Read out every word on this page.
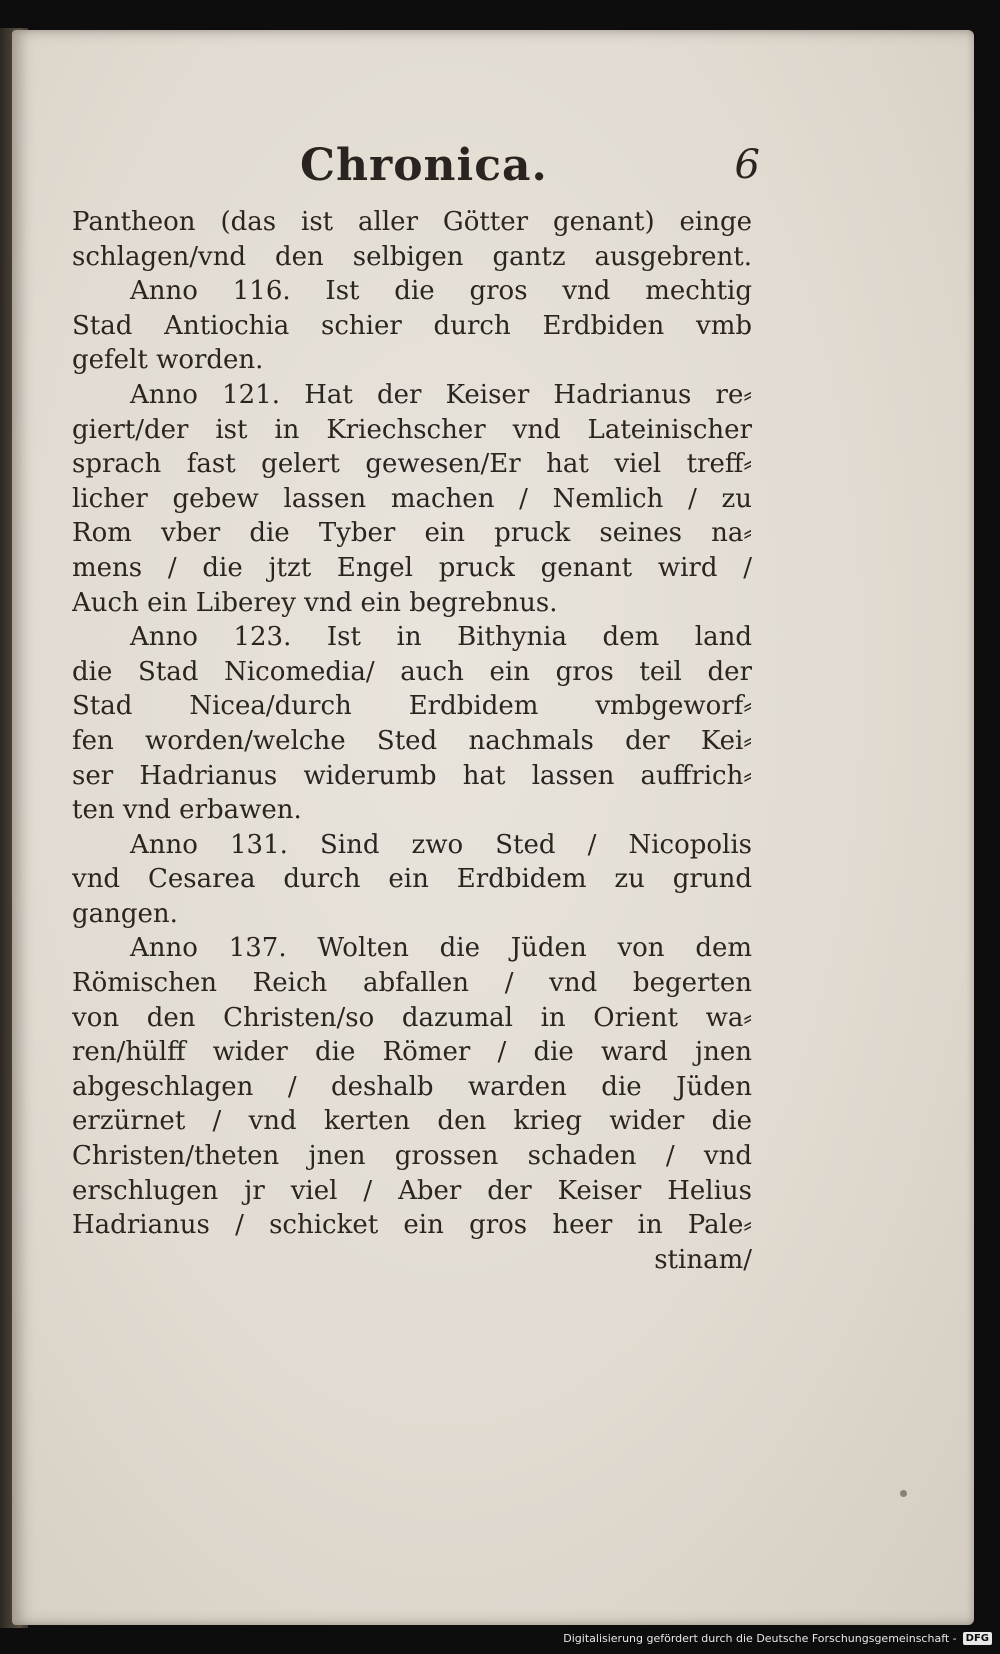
Chronica.	6
Pantheon (das ist aller Götter genant) einge
schlagen/vnd den selbigen gantz ausgebrent.
Anno 116. Ist die gros vnd mechtig
Stad Antiochia schier durch Erdbiden vmb
gefelt worden.
Anno 121. Hat der Keiser Hadrianus re⸗
giert/der ist in Kriechscher vnd Lateinischer
sprach fast gelert gewesen/Er hat viel treff⸗
licher gebew lassen machen / Nemlich / zu
Rom vber die Tyber ein pruck seines na⸗
mens / die jtzt Engel pruck genant wird /
Auch ein Liberey vnd ein begrebnus.
Anno 123. Ist in Bithynia dem land
die Stad Nicomedia/ auch ein gros teil der
Stad Nicea/durch Erdbidem vmbgeworf⸗
fen worden/welche Sted nachmals der Kei⸗
ser Hadrianus widerumb hat lassen auffrich⸗
ten vnd erbawen.
Anno 131. Sind zwo Sted / Nicopolis
vnd Cesarea durch ein Erdbidem zu grund
gangen.
Anno 137. Wolten die Jüden von dem
Römischen Reich abfallen / vnd begerten
von den Christen/so dazumal in Orient wa⸗
ren/hülff wider die Römer / die ward jnen
abgeschlagen / deshalb warden die Jüden
erzürnet / vnd kerten den krieg wider die
Christen/theten jnen grossen schaden / vnd
erschlugen jr viel / Aber der Keiser Helius
Hadrianus / schicket ein gros heer in Pale⸗
stinam/
Digitalisierung gefördert durch die Deutsche Forschungsgemeinschaft - DFG
